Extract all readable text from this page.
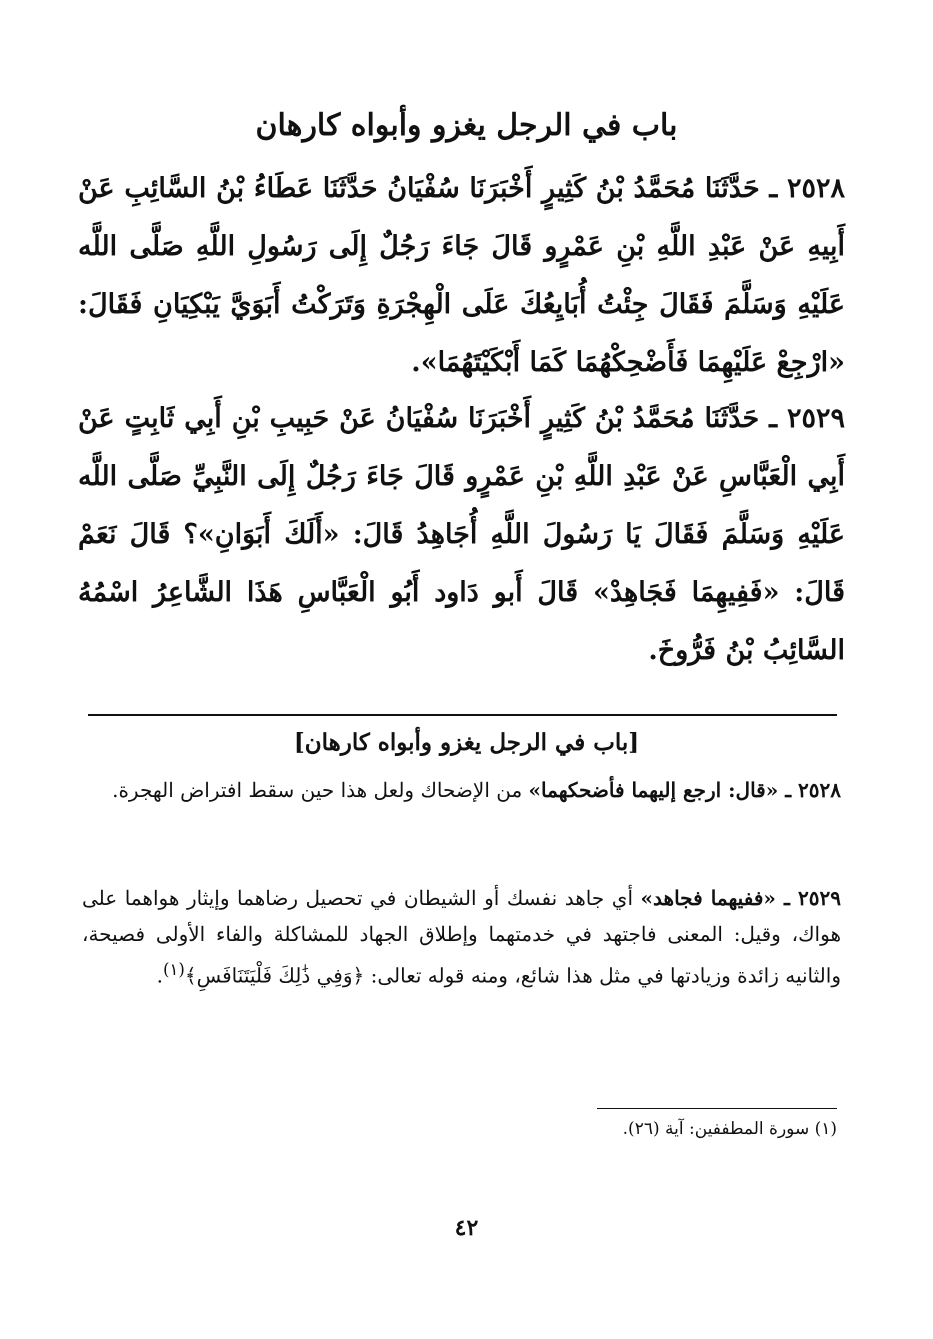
باب في الرجل يغزو وأبواه كارهان

٢٥٢٨ ـ حَدَّثَنَا مُحَمَّدُ بْنُ كَثِيرٍ أَخْبَرَنَا سُفْيَانُ حَدَّثَنَا عَطَاءُ بْنُ السَّائِبِ عَنْ أَبِيهِ عَنْ عَبْدِ اللَّهِ بْنِ عَمْرٍو قَالَ جَاءَ رَجُلٌ إِلَى رَسُولِ اللَّهِ صَلَّى اللَّه عَلَيْهِ وَسَلَّمَ فَقَالَ جِئْتُ أُبَايِعُكَ عَلَى الْهِجْرَةِ وَتَرَكْتُ أَبَوَيَّ يَبْكِيَانِ فَقَالَ: «ارْجِعْ عَلَيْهِمَا فَأَضْحِكْهُمَا كَمَا أَبْكَيْتَهُمَا».

٢٥٢٩ ـ حَدَّثَنَا مُحَمَّدُ بْنُ كَثِيرٍ أَخْبَرَنَا سُفْيَانُ عَنْ حَبِيبِ بْنِ أَبِي ثَابِتٍ عَنْ أَبِي الْعَبَّاسِ عَنْ عَبْدِ اللَّهِ بْنِ عَمْرٍو قَالَ جَاءَ رَجُلٌ إِلَى النَّبِيِّ صَلَّى اللَّه عَلَيْهِ وَسَلَّمَ فَقَالَ يَا رَسُولَ اللَّهِ أُجَاهِدُ قَالَ: «أَلَكَ أَبَوَانِ»؟ قَالَ نَعَمْ قَالَ: «فَفِيهِمَا فَجَاهِدْ» قَالَ أَبو دَاود أَبُو الْعَبَّاسِ هَذَا الشَّاعِرُ اسْمُهُ السَّائِبُ بْنُ فَرُّوخَ.

[باب في الرجل يغزو وأبواه كارهان]

٢٥٢٨ ـ «قال: ارجع إليهما فأضحكهما» من الإضحاك ولعل هذا حين سقط افتراض الهجرة.

٢٥٢٩ ـ «ففيهما فجاهد» أي جاهد نفسك أو الشيطان في تحصيل رضاهما وإيثار هواهما على هواك، وقيل: المعنى فاجتهد في خدمتهما وإطلاق الجهاد للمشاكلة والفاء الأولى فصيحة، والثانيه زائدة وزيادتها في مثل هذا شائع، ومنه قوله تعالى: ﴿وَفِي ذَٰلِكَ فَلْيَتَنَافَسِ﴾$^{(١)}$.

(١) سورة المطففين: آية (٢٦).

٤٢
